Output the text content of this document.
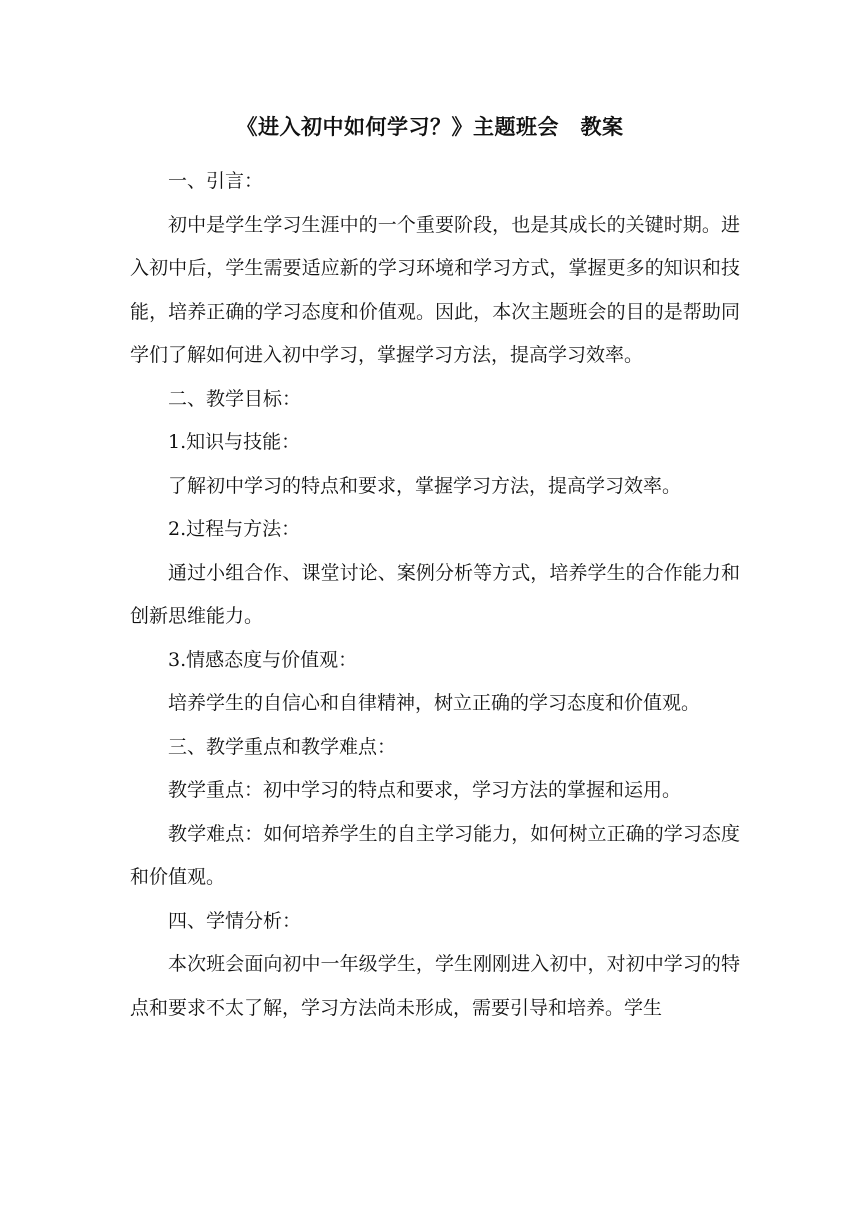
《进入初中如何学习？》主题班会　教案

一、引言：

初中是学生学习生涯中的一个重要阶段，也是其成长的关键时期。进入初中后，学生需要适应新的学习环境和学习方式，掌握更多的知识和技能，培养正确的学习态度和价值观。因此，本次主题班会的目的是帮助同学们了解如何进入初中学习，掌握学习方法，提高学习效率。

二、教学目标：

1.知识与技能：

了解初中学习的特点和要求，掌握学习方法，提高学习效率。

2.过程与方法：

通过小组合作、课堂讨论、案例分析等方式，培养学生的合作能力和创新思维能力。

3.情感态度与价值观：

培养学生的自信心和自律精神，树立正确的学习态度和价值观。

三、教学重点和教学难点：

教学重点：初中学习的特点和要求，学习方法的掌握和运用。

教学难点：如何培养学生的自主学习能力，如何树立正确的学习态度和价值观。

四、学情分析：

本次班会面向初中一年级学生，学生刚刚进入初中，对初中学习的特点和要求不太了解，学习方法尚未形成，需要引导和培养。学生
